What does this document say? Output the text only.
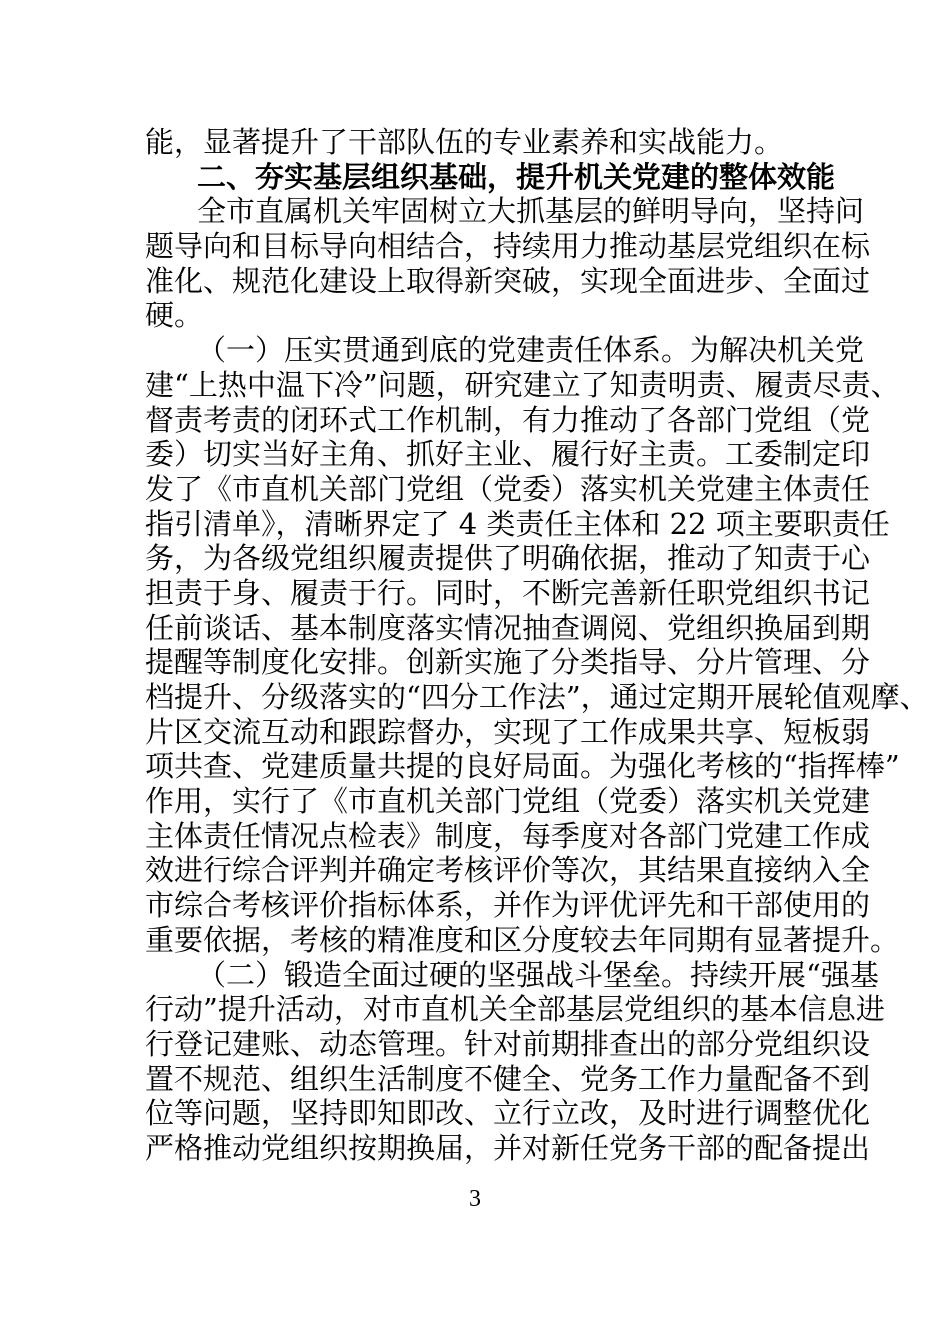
能，显著提升了干部队伍的专业素养和实战能力。
二、夯实基层组织基础，提升机关党建的整体效能
全市直属机关牢固树立大抓基层的鲜明导向，坚持问
题导向和目标导向相结合，持续用力推动基层党组织在标
准化、规范化建设上取得新突破，实现全面进步、全面过
硬。
（一）压实贯通到底的党建责任体系。为解决机关党
建“上热中温下冷”问题，研究建立了知责明责、履责尽责、
督责考责的闭环式工作机制，有力推动了各部门党组（党
委）切实当好主角、抓好主业、履行好主责。工委制定印
发了《市直机关部门党组（党委）落实机关党建主体责任
指引清单》，清晰界定了 4 类责任主体和 22 项主要职责任
务，为各级党组织履责提供了明确依据，推动了知责于心
担责于身、履责于行。同时，不断完善新任职党组织书记
任前谈话、基本制度落实情况抽查调阅、党组织换届到期
提醒等制度化安排。创新实施了分类指导、分片管理、分
档提升、分级落实的“四分工作法”，通过定期开展轮值观摩、
片区交流互动和跟踪督办，实现了工作成果共享、短板弱
项共查、党建质量共提的良好局面。为强化考核的“指挥棒”
作用，实行了《市直机关部门党组（党委）落实机关党建
主体责任情况点检表》制度，每季度对各部门党建工作成
效进行综合评判并确定考核评价等次，其结果直接纳入全
市综合考核评价指标体系，并作为评优评先和干部使用的
重要依据，考核的精准度和区分度较去年同期有显著提升。
（二）锻造全面过硬的坚强战斗堡垒。持续开展“强基
行动”提升活动，对市直机关全部基层党组织的基本信息进
行登记建账、动态管理。针对前期排查出的部分党组织设
置不规范、组织生活制度不健全、党务工作力量配备不到
位等问题，坚持即知即改、立行立改，及时进行调整优化
严格推动党组织按期换届，并对新任党务干部的配备提出
3
